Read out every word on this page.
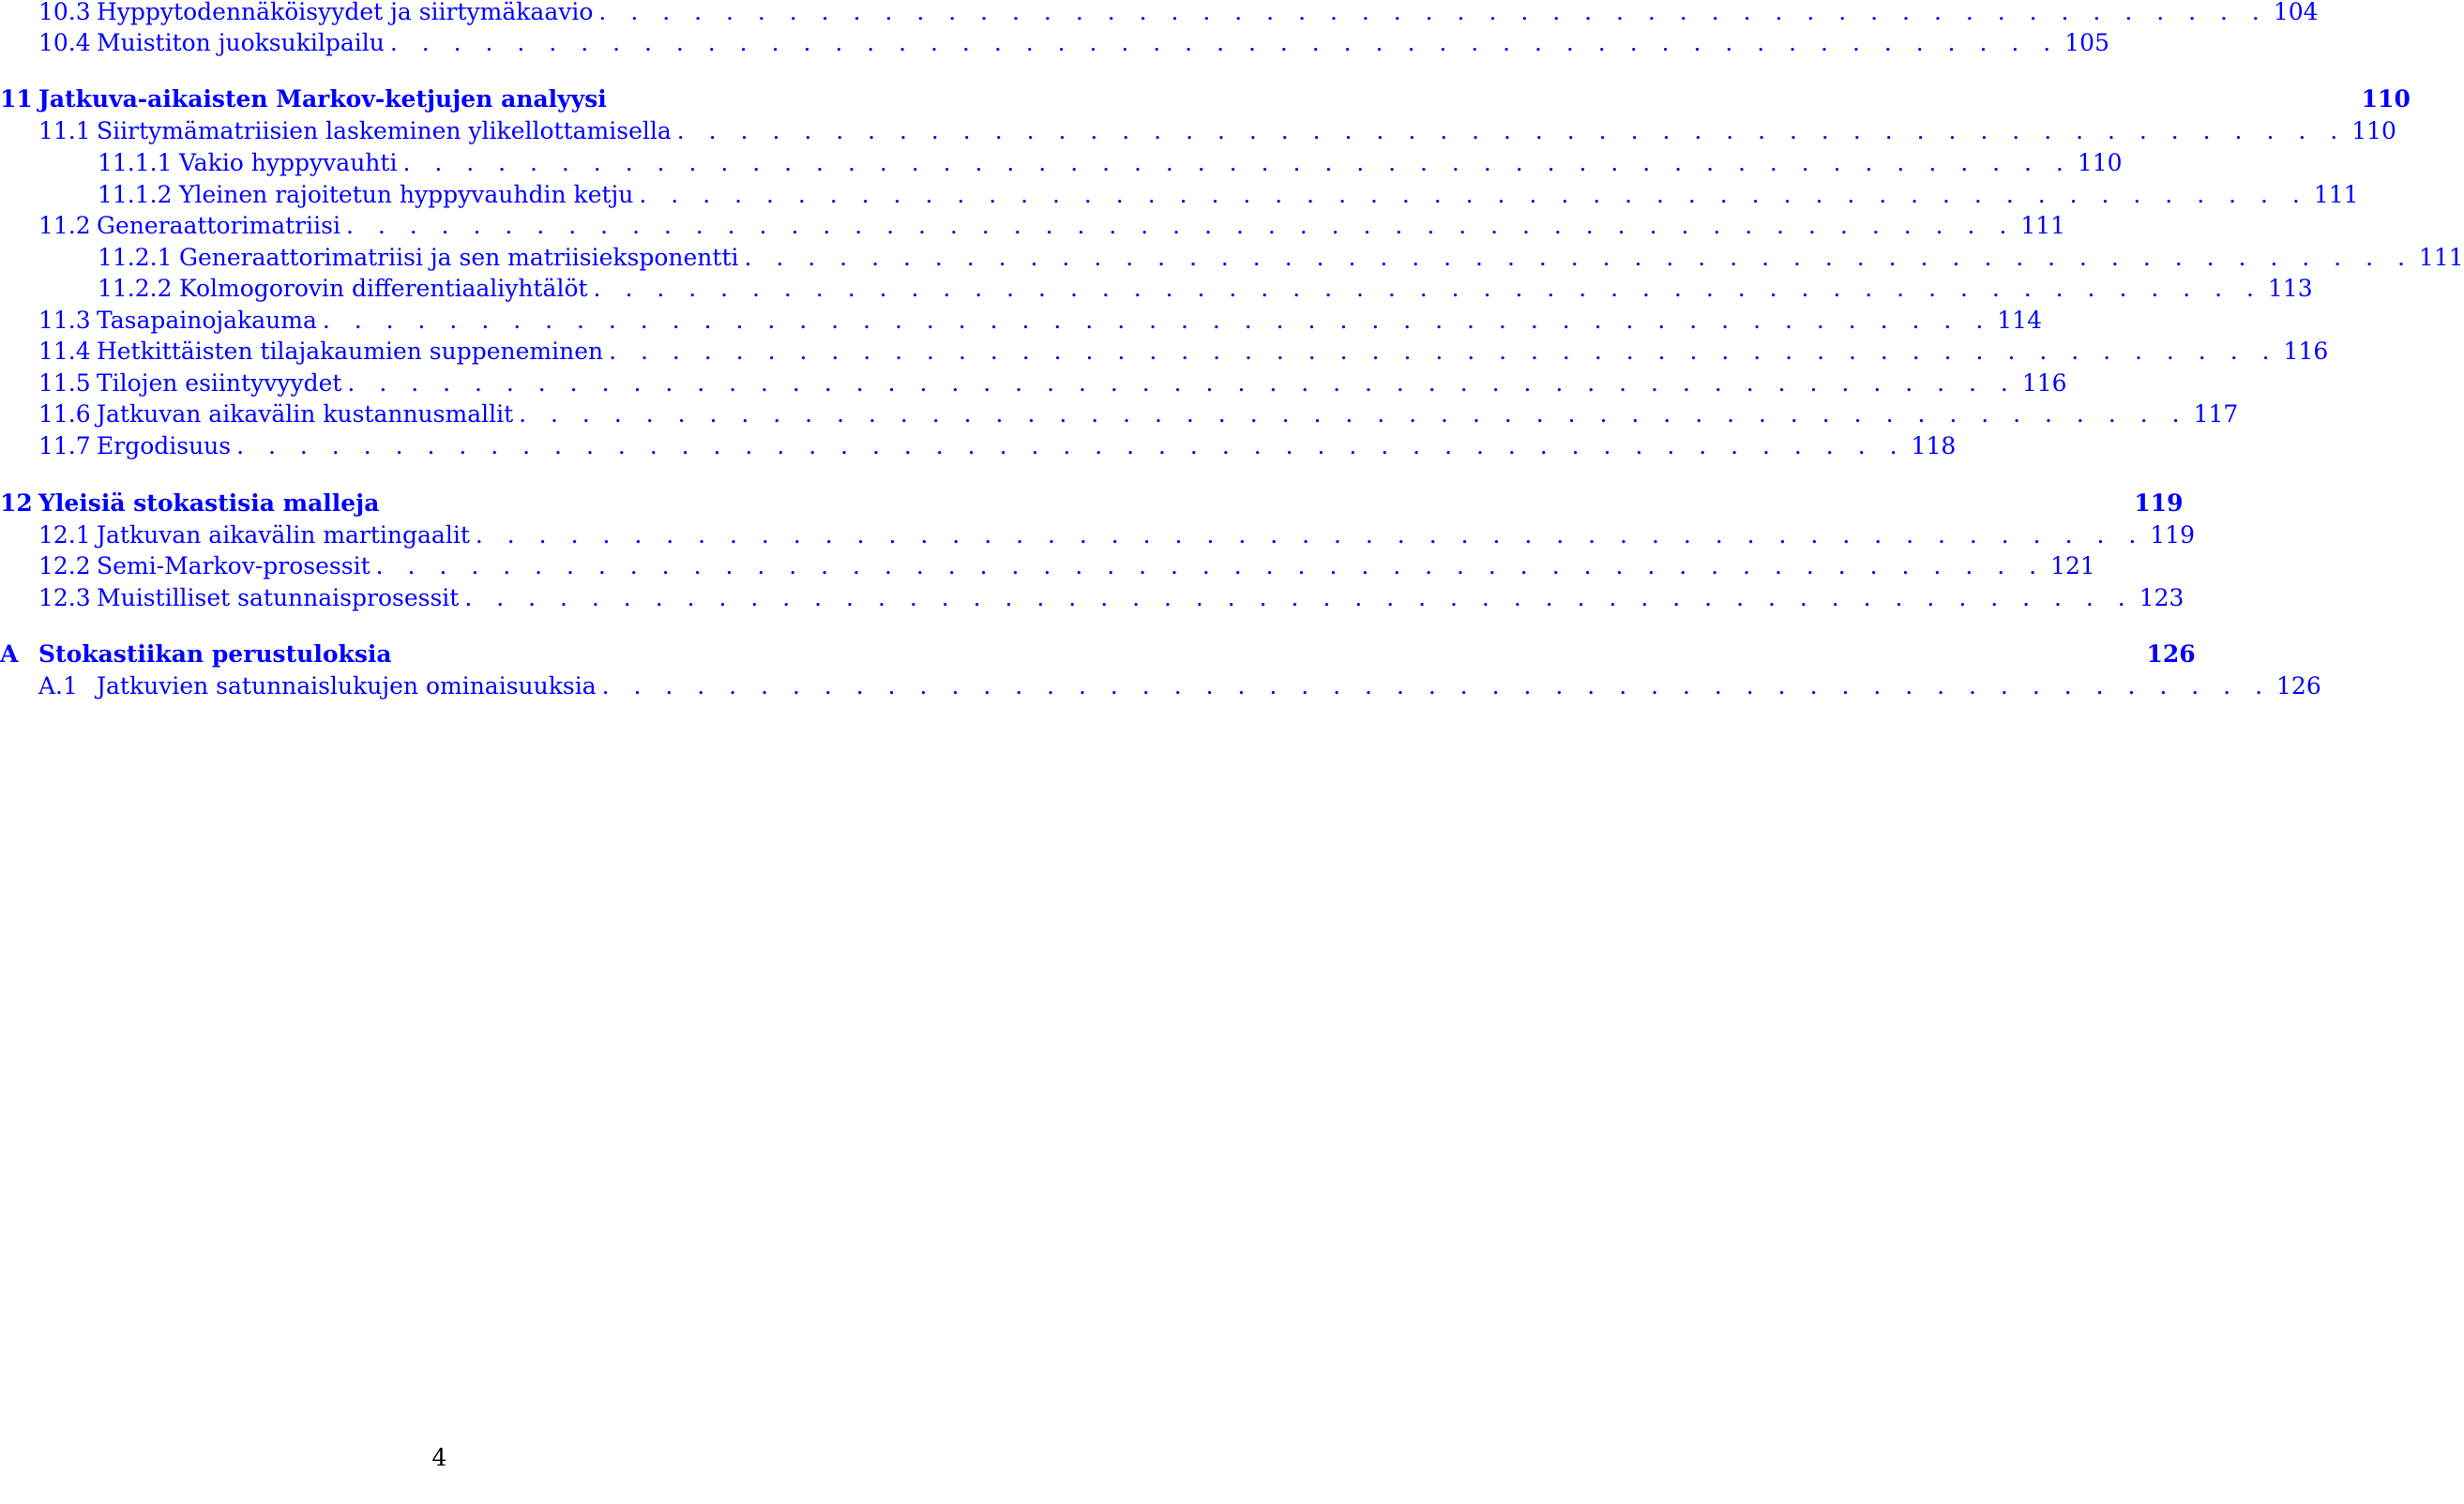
10.3 Hyppytodennäköisyydet ja siirtymäkaavio . . . . . . . . . . . . . . . . . . . . . . . . . . . . . . . . . . . . . . . . . . . . . . . . . . . . . 104
10.4 Muistiton juoksukilpailu . . . . . . . . . . . . . . . . . . . . . . . . . . . . . . . . . . . . . . . . . . . . . . . . . . . . . 105
11 Jatkuva-aikaisten Markov-ketjujen analyysi	110
11.1 Siirtymämatriisien laskeminen ylikellottamisella . . . . . . . . . . . . . . . . . . . . . . . . . . . . . . . . . . . . . . . . . . . . . . . . . . . . . 110
11.1.1 Vakio hyppyvauhti . . . . . . . . . . . . . . . . . . . . . . . . . . . . . . . . . . . . . . . . . . . . . . . . . . . . . 110
11.1.2 Yleinen rajoitetun hyppyvauhdin ketju . . . . . . . . . . . . . . . . . . . . . . . . . . . . . . . . . . . . . . . . . . . . . . . . . . . . . 111
11.2 Generaattorimatriisi . . . . . . . . . . . . . . . . . . . . . . . . . . . . . . . . . . . . . . . . . . . . . . . . . . . . . 111
11.2.1 Generaattorimatriisi ja sen matriisieksponentti . . . . . . . . . . . . . . . . . . . . . . . . . . . . . . . . . . . . . . . . . . . . . . . . . . . . . 111
11.2.2 Kolmogorovin differentiaaliyhtälöt . . . . . . . . . . . . . . . . . . . . . . . . . . . . . . . . . . . . . . . . . . . . . . . . . . . . . 113
11.3 Tasapainojakauma . . . . . . . . . . . . . . . . . . . . . . . . . . . . . . . . . . . . . . . . . . . . . . . . . . . . . 114
11.4 Hetkittäisten tilajakaumien suppeneminen . . . . . . . . . . . . . . . . . . . . . . . . . . . . . . . . . . . . . . . . . . . . . . . . . . . . . 116
11.5 Tilojen esiintyvyydet . . . . . . . . . . . . . . . . . . . . . . . . . . . . . . . . . . . . . . . . . . . . . . . . . . . . . 116
11.6 Jatkuvan aikavälin kustannusmallit . . . . . . . . . . . . . . . . . . . . . . . . . . . . . . . . . . . . . . . . . . . . . . . . . . . . . 117
11.7 Ergodisuus . . . . . . . . . . . . . . . . . . . . . . . . . . . . . . . . . . . . . . . . . . . . . . . . . . . . . 118
12 Yleisiä stokastisia malleja	119
12.1 Jatkuvan aikavälin martingaalit . . . . . . . . . . . . . . . . . . . . . . . . . . . . . . . . . . . . . . . . . . . . . . . . . . . . . 119
12.2 Semi-Markov-prosessit . . . . . . . . . . . . . . . . . . . . . . . . . . . . . . . . . . . . . . . . . . . . . . . . . . . . . 121
12.3 Muistilliset satunnaisprosessit . . . . . . . . . . . . . . . . . . . . . . . . . . . . . . . . . . . . . . . . . . . . . . . . . . . . . 123
A Stokastiikan perustuloksia	126
A.1 Jatkuvien satunnaislukujen ominaisuuksia . . . . . . . . . . . . . . . . . . . . . . . . . . . . . . . . . . . . . . . . . . . . . . . . . . . . . 126
4
